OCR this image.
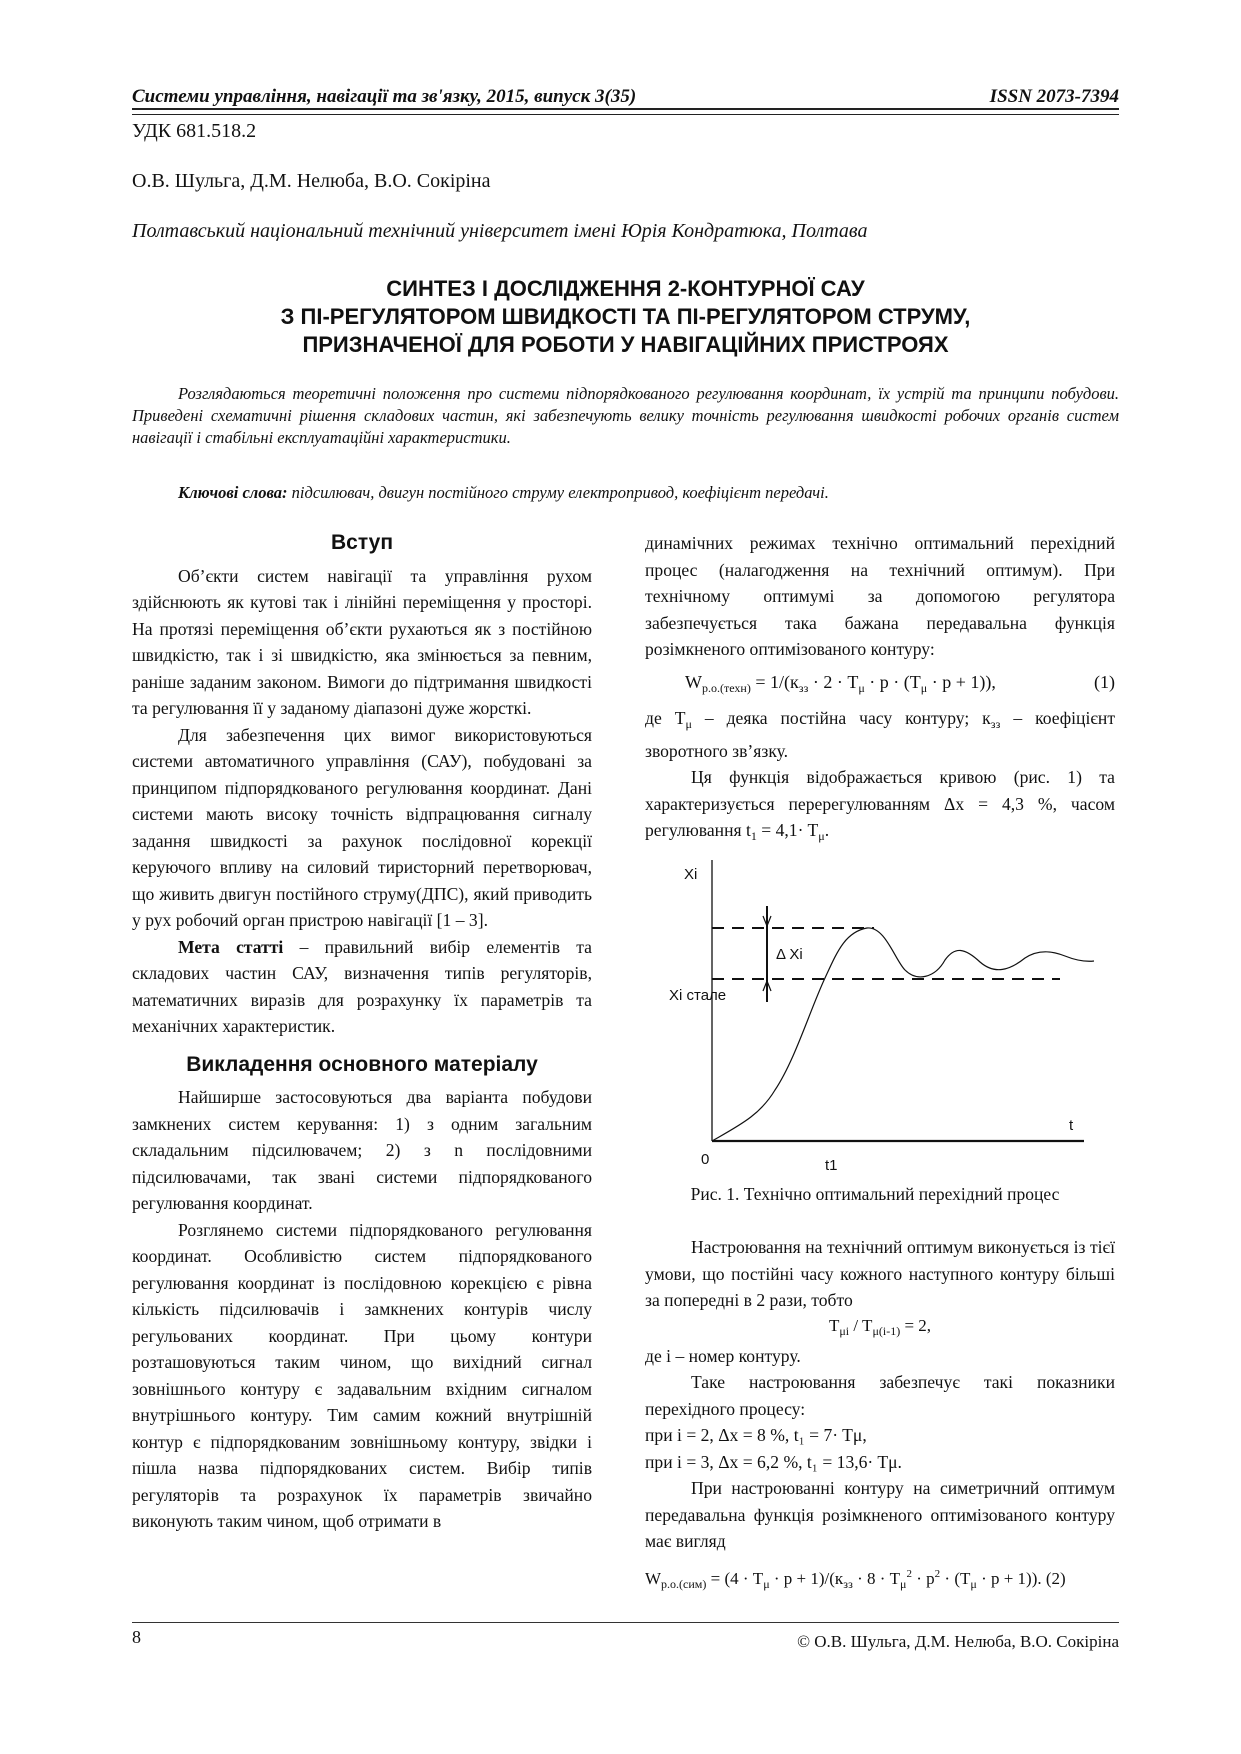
Системи управління, навігації та зв'язку, 2015, випуск 3(35)	ISSN 2073-7394
УДК 681.518.2
О.В. Шульга, Д.М. Нелюба, В.О. Сокіріна
Полтавський національний технічний університет імені Юрія Кондратюка, Полтава
СИНТЕЗ І ДОСЛІДЖЕННЯ 2-КОНТУРНОЇ САУ
З ПІ-РЕГУЛЯТОРОМ ШВИДКОСТІ ТА ПІ-РЕГУЛЯТОРОМ СТРУМУ,
ПРИЗНАЧЕНОЇ ДЛЯ РОБОТИ У НАВІГАЦІЙНИХ ПРИСТРОЯХ
Розглядаються теоретичні положення про системи підпорядкованого регулювання координат, їх устрій та принципи побудови. Приведені схематичні рішення складових частин, які забезпечують велику точність регулювання швидкості робочих органів систем навігації і стабільні експлуатаційні характеристики.
Ключові слова: підсилювач, двигун постійного струму електропривод, коефіцієнт передачі.
Вступ

Об’єкти систем навігації та управління рухом здійснюють як кутові так і лінійні переміщення у просторі. На протязі переміщення об’єкти рухаються як з постійною швидкістю, так і зі швидкістю, яка змінюється за певним, раніше заданим законом. Вимоги до підтримання швидкості та регулювання її у заданому діапазоні дуже жорсткі.

Для забезпечення цих вимог використовуються системи автоматичного управління (САУ), побудовані за принципом підпорядкованого регулювання координат. Дані системи мають високу точність відпрацювання сигналу задання швидкості за рахунок послідовної корекції керуючого впливу на силовий тиристорний перетворювач, що живить двигун постійного струму(ДПС), який приводить у рух робочий орган пристрою навігації [1 – 3].

Мета статті – правильний вибір елементів та складових частин САУ, визначення типів регуляторів, математичних виразів для розрахунку їх параметрів та механічних характеристик.

Викладення основного матеріалу

Найширше застосовуються два варіанта побудови замкнених систем керування: 1) з одним загальним складальним підсилювачем; 2) з n послідовними підсилювачами, так звані системи підпорядкованого регулювання координат.

Розглянемо системи підпорядкованого регулювання координат. Особливістю систем підпорядкованого регулювання координат із послідовною корекцією є рівна кількість підсилювачів і замкнених контурів числу регульованих координат. При цьому контури розташовуються таким чином, що вихідний сигнал зовнішнього контуру є задавальним вхідним сигналом внутрішнього контуру. Тим самим кожний внутрішній контур є підпорядкованим зовнішньому контуру, звідки і пішла назва підпорядкованих систем. Вибір типів регуляторів та розрахунок їх параметрів звичайно виконують таким чином, щоб отримати в

динамічних режимах технічно оптимальний перехідний процес (налагодження на технічний оптимум). При технічному оптимумі за допомогою регулятора забезпечується така бажана передавальна функція розімкненого оптимізованого контуру:

$W_{р.о.(техн)} = 1/(к_{зз} \cdot 2 \cdot T_\mu \cdot p \cdot (T_\mu \cdot p + 1))$,	(1)

де $T_\mu$ – деяка постійна часу контуру; $к_{зз}$ – коефіцієнт зворотного зв’язку.

Ця функція відображається кривою (рис. 1) та характеризується перерегулюванням Δx = 4,3 %, часом регулювання $t_1 = 4,1\cdot T_\mu$.

Xi
Δ Xi
Xi стале
t
0	t1
Рис. 1. Технічно оптимальний перехідний процес

Настроювання на технічний оптимум виконується із тієї умови, що постійні часу кожного наступного контуру більші за попередні в 2 рази, тобто

$T_{\mu i} / T_{\mu(i-1)} = 2$,

де i – номер контуру.

Таке настроювання забезпечує такі показники перехідного процесу:

при i = 2, Δx = 8 %, t₁ = 7· Tμ,

при i = 3, Δx = 6,2 %, t₁ = 13,6· Tμ.

При настроюванні контуру на симетричний оптимум передавальна функція розімкненого оптимізованого контуру має вигляд

$W_{р.о.(сим)} = (4 \cdot T_\mu \cdot p + 1)/(к_{зз} \cdot 8 \cdot T_\mu^2 \cdot p^2 \cdot (T_\mu \cdot p + 1))$. (2)
8	© О.В. Шульга, Д.М. Нелюба, В.О. Сокіріна
